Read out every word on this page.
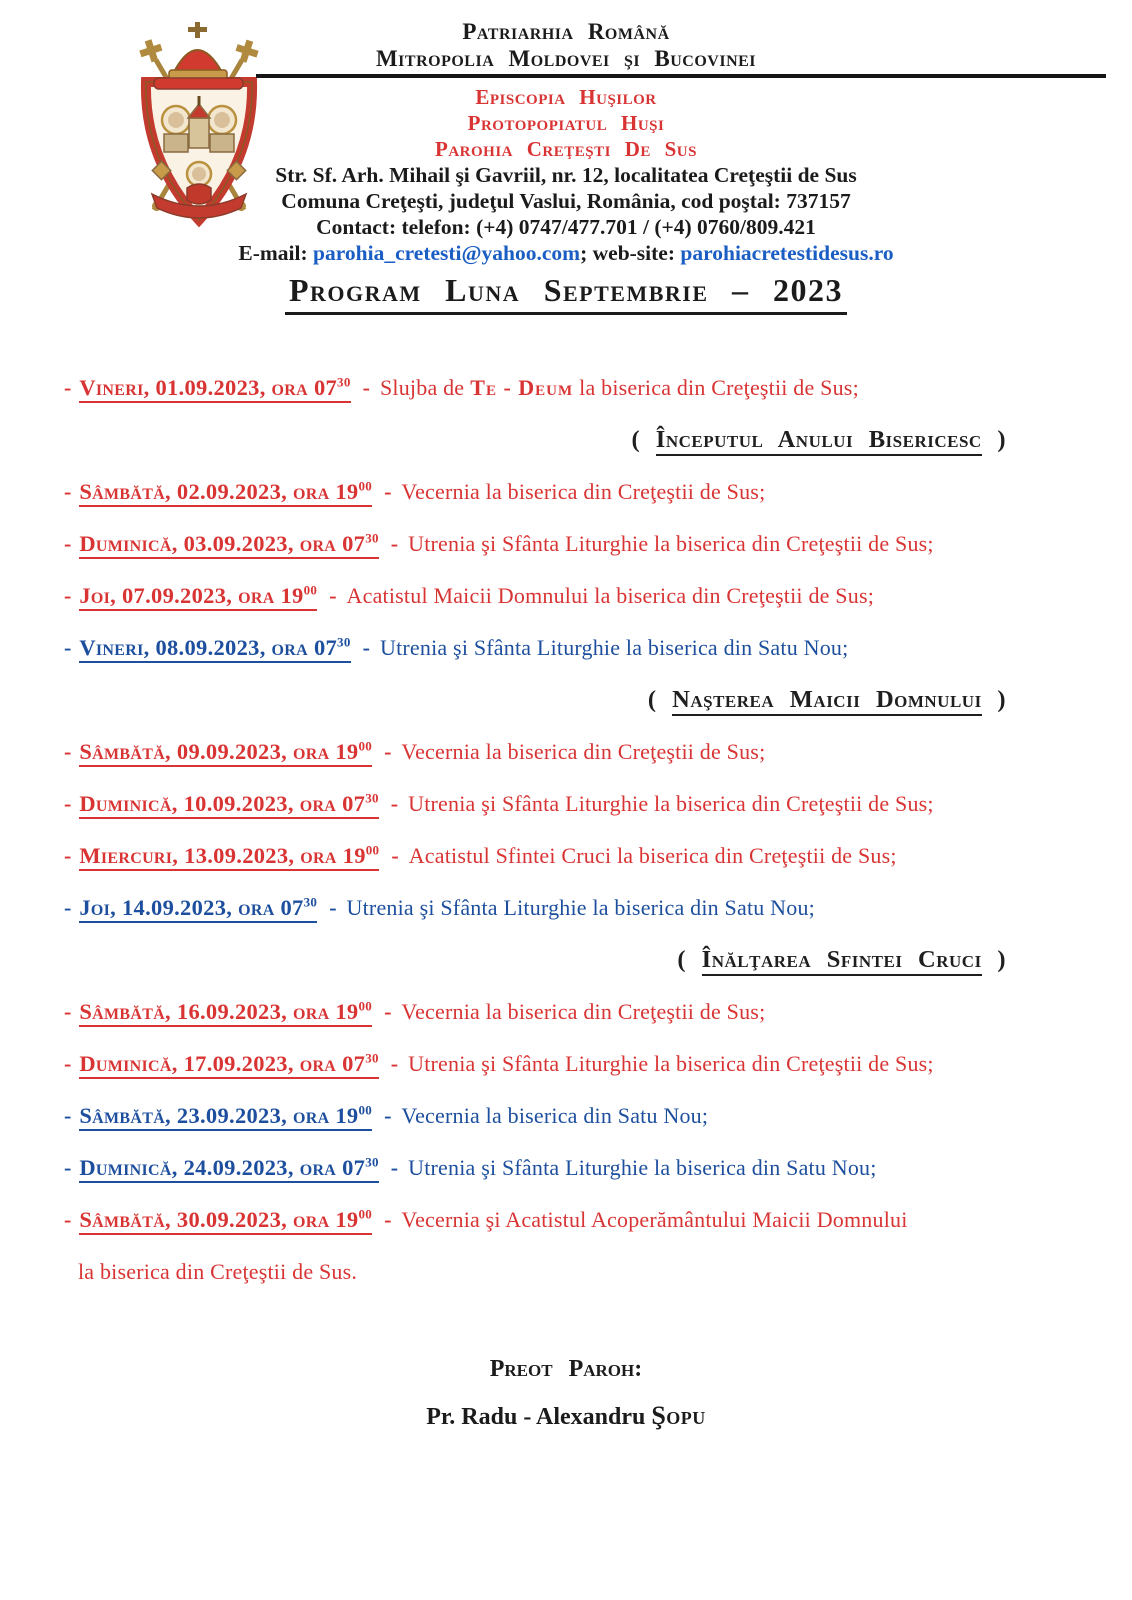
Patriarhia Română
Mitropolia Moldovei şi Bucovinei
Episcopia Huşilor
Protopopiatul Huşi
Parohia Creţeşti De Sus
Str. Sf. Arh. Mihail şi Gavriil, nr. 12, localitatea Creţeştii de Sus
Comuna Creţeşti, judeţul Vaslui, România, cod poştal: 737157
Contact: telefon: (+4) 0747/477.701 / (+4) 0760/809.421
E-mail: parohia_cretesti@yahoo.com; web-site: parohiacretestidesus.ro
Program Luna Septembrie – 2023
- Vineri, 01.09.2023, ora $07^{30}$ - Slujba de Te - Deum la biserica din Creţeştii de Sus;
( Începutul Anului Bisericesc )
- Sâmbătă, 02.09.2023, ora $19^{00}$ - Vecernia la biserica din Creţeştii de Sus;
- Duminică, 03.09.2023, ora $07^{30}$ - Utrenia şi Sfânta Liturghie la biserica din Creţeştii de Sus;
- Joi, 07.09.2023, ora $19^{00}$ - Acatistul Maicii Domnului la biserica din Creţeştii de Sus;
- Vineri, 08.09.2023, ora $07^{30}$ - Utrenia şi Sfânta Liturghie la biserica din Satu Nou;
( Naşterea Maicii Domnului )
- Sâmbătă, 09.09.2023, ora $19^{00}$ - Vecernia la biserica din Creţeştii de Sus;
- Duminică, 10.09.2023, ora $07^{30}$ - Utrenia şi Sfânta Liturghie la biserica din Creţeştii de Sus;
- Miercuri, 13.09.2023, ora $19^{00}$ - Acatistul Sfintei Cruci la biserica din Creţeştii de Sus;
- Joi, 14.09.2023, ora $07^{30}$ - Utrenia şi Sfânta Liturghie la biserica din Satu Nou;
( Înălţarea Sfintei Cruci )
- Sâmbătă, 16.09.2023, ora $19^{00}$ - Vecernia la biserica din Creţeştii de Sus;
- Duminică, 17.09.2023, ora $07^{30}$ - Utrenia şi Sfânta Liturghie la biserica din Creţeştii de Sus;
- Sâmbătă, 23.09.2023, ora $19^{00}$ - Vecernia la biserica din Satu Nou;
- Duminică, 24.09.2023, ora $07^{30}$ - Utrenia şi Sfânta Liturghie la biserica din Satu Nou;
- Sâmbătă, 30.09.2023, ora $19^{00}$ - Vecernia şi Acatistul Acoperământului Maicii Domnului
la biserica din Creţeştii de Sus.
Preot Paroh:
Pr. Radu - Alexandru Şopu
